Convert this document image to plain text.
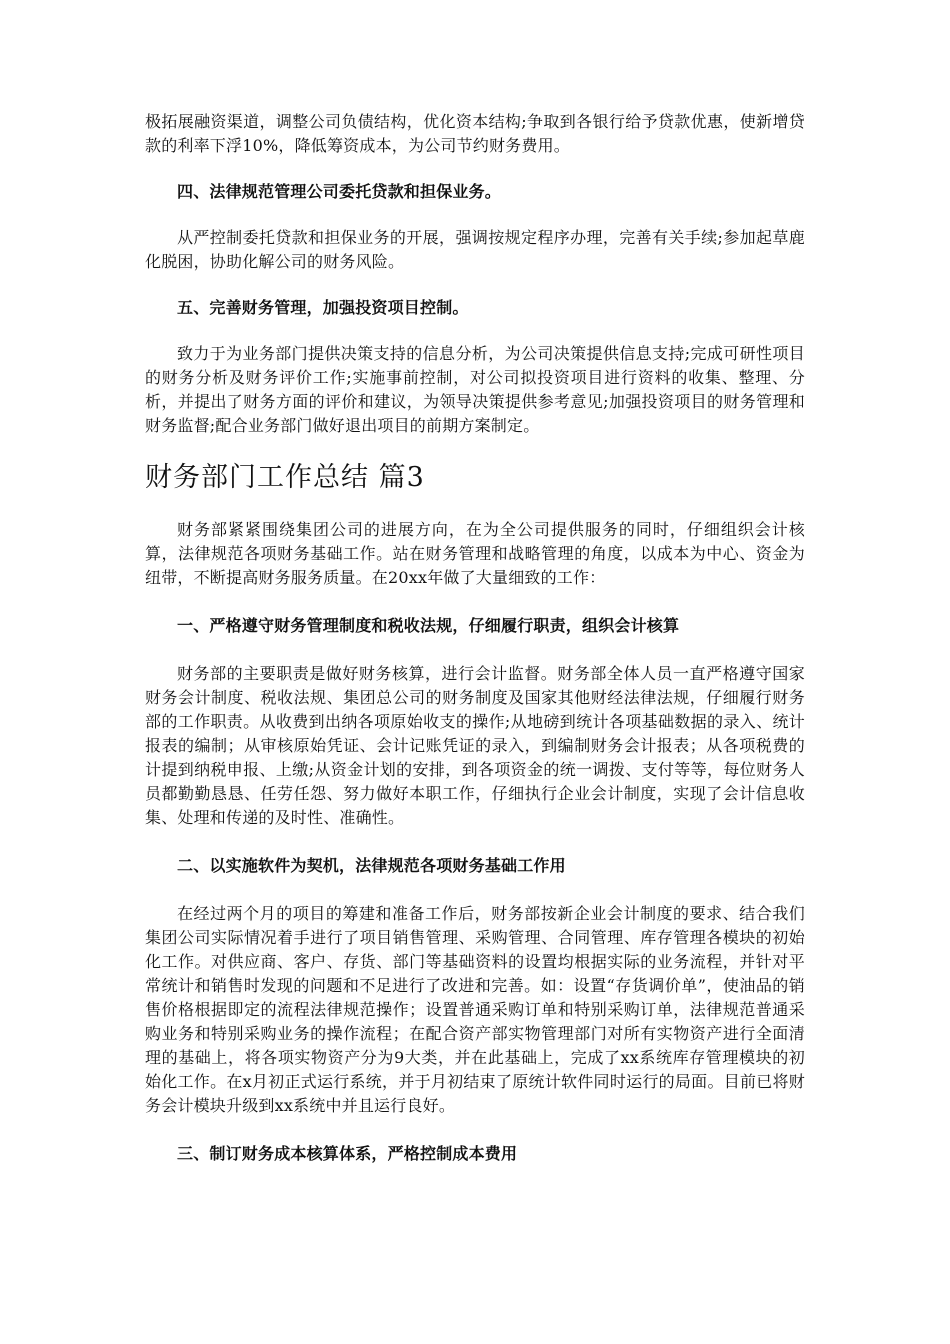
极拓展融资渠道，调整公司负债结构，优化资本结构;争取到各银行给予贷款优惠，使新增贷款的利率下浮10%，降低筹资成本，为公司节约财务费用。

四、法律规范管理公司委托贷款和担保业务。

从严控制委托贷款和担保业务的开展，强调按规定程序办理，完善有关手续;参加起草鹿化脱困，协助化解公司的财务风险。

五、完善财务管理，加强投资项目控制。

致力于为业务部门提供决策支持的信息分析，为公司决策提供信息支持;完成可研性项目的财务分析及财务评价工作;实施事前控制，对公司拟投资项目进行资料的收集、整理、分析，并提出了财务方面的评价和建议，为领导决策提供参考意见;加强投资项目的财务管理和财务监督;配合业务部门做好退出项目的前期方案制定。

财务部门工作总结 篇3

财务部紧紧围绕集团公司的进展方向，在为全公司提供服务的同时，仔细组织会计核算，法律规范各项财务基础工作。站在财务管理和战略管理的角度，以成本为中心、资金为纽带，不断提高财务服务质量。在20xx年做了大量细致的工作：

一、严格遵守财务管理制度和税收法规，仔细履行职责，组织会计核算

财务部的主要职责是做好财务核算，进行会计监督。财务部全体人员一直严格遵守国家财务会计制度、税收法规、集团总公司的财务制度及国家其他财经法律法规，仔细履行财务部的工作职责。从收费到出纳各项原始收支的操作;从地磅到统计各项基础数据的录入、统计报表的编制；从审核原始凭证、会计记账凭证的录入，到编制财务会计报表；从各项税费的计提到纳税申报、上缴;从资金计划的安排，到各项资金的统一调拨、支付等等，每位财务人员都勤勤恳恳、任劳任怨、努力做好本职工作，仔细执行企业会计制度，实现了会计信息收集、处理和传递的及时性、准确性。

二、以实施软件为契机，法律规范各项财务基础工作用

在经过两个月的项目的筹建和准备工作后，财务部按新企业会计制度的要求、结合我们集团公司实际情况着手进行了项目销售管理、采购管理、合同管理、库存管理各模块的初始化工作。对供应商、客户、存货、部门等基础资料的设置均根据实际的业务流程，并针对平常统计和销售时发现的问题和不足进行了改进和完善。如：设置“存货调价单”，使油品的销售价格根据即定的流程法律规范操作；设置普通采购订单和特别采购订单，法律规范普通采购业务和特别采购业务的操作流程；在配合资产部实物管理部门对所有实物资产进行全面清理的基础上，将各项实物资产分为9大类，并在此基础上，完成了xx系统库存管理模块的初始化工作。在x月初正式运行系统，并于月初结束了原统计软件同时运行的局面。目前已将财务会计模块升级到xx系统中并且运行良好。

三、制订财务成本核算体系，严格控制成本费用
